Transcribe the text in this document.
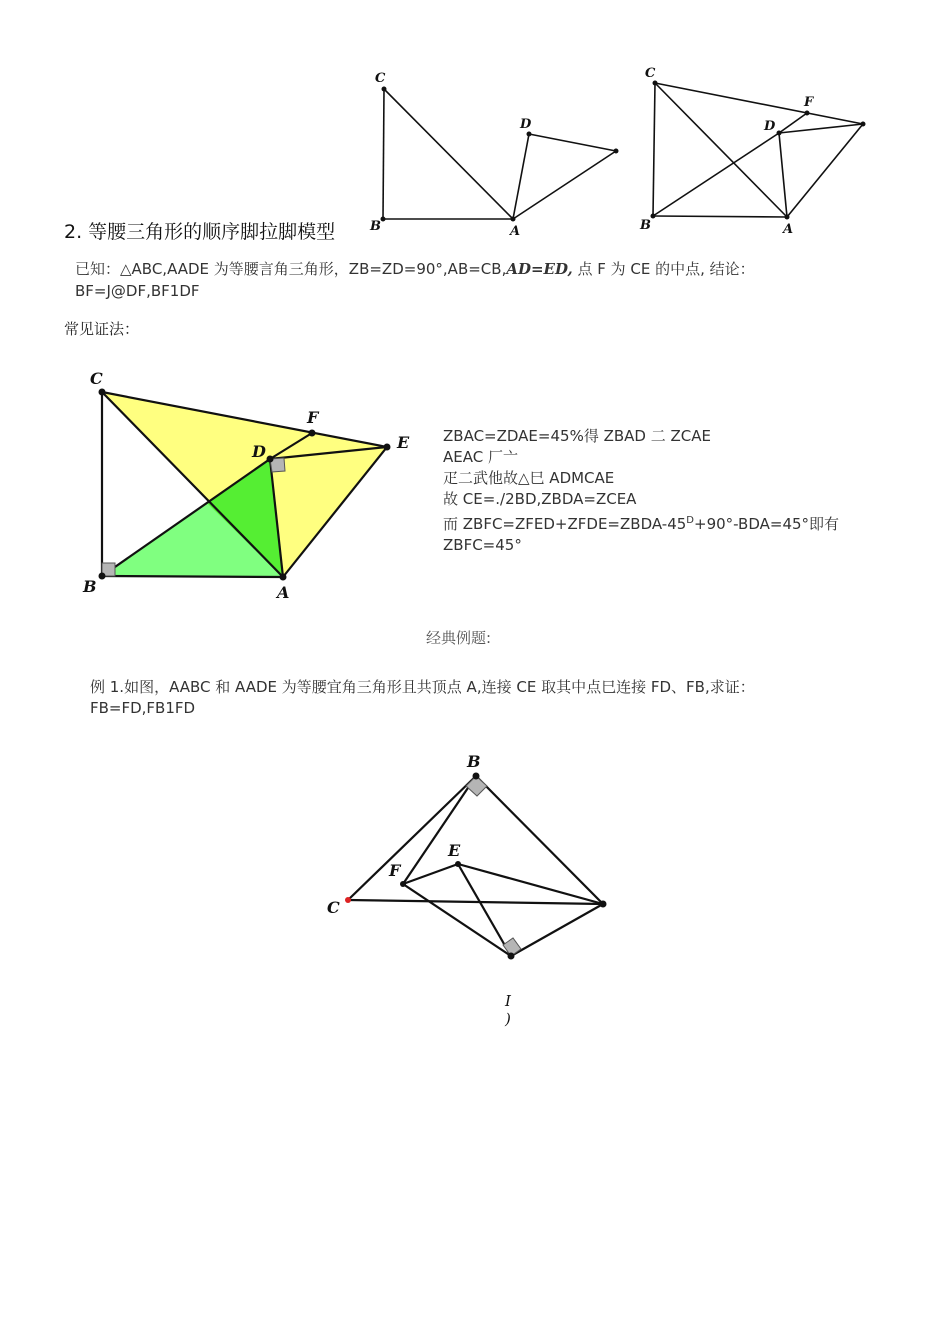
C
D
B	A
C
F
D
B	A
2. 等腰三角形的顺序脚拉脚模型
已知：△ABC,AADE 为等腰言角三角形，ZB=ZD=90°,AB=CB,AD=ED, 点 F 为 CE 的中点, 结论：
BF=J@DF,BF1DF
常见证法：
C
F
D	E
B	A
ZBAC=ZDAE=45%得 ZBAD 二 ZCAE
AEAC 厂亠
疋二武他故△巳 ADMCAE
故 CE=./2BD,ZBDA=ZCEA
而 $ZBFC=ZFED+ZFDE=ZBDA-45^D+90^\circ-BDA=45^\circ$即有
ZBFC=45°
经典例题:
例 1.如图，AABC 和 AADE 为等腰宜角三角形且共顶点 A,连接 CE 取其中点巳连接 FD、FB,求证：
FB=FD,FB1FD
B
E
F
C
I
)
